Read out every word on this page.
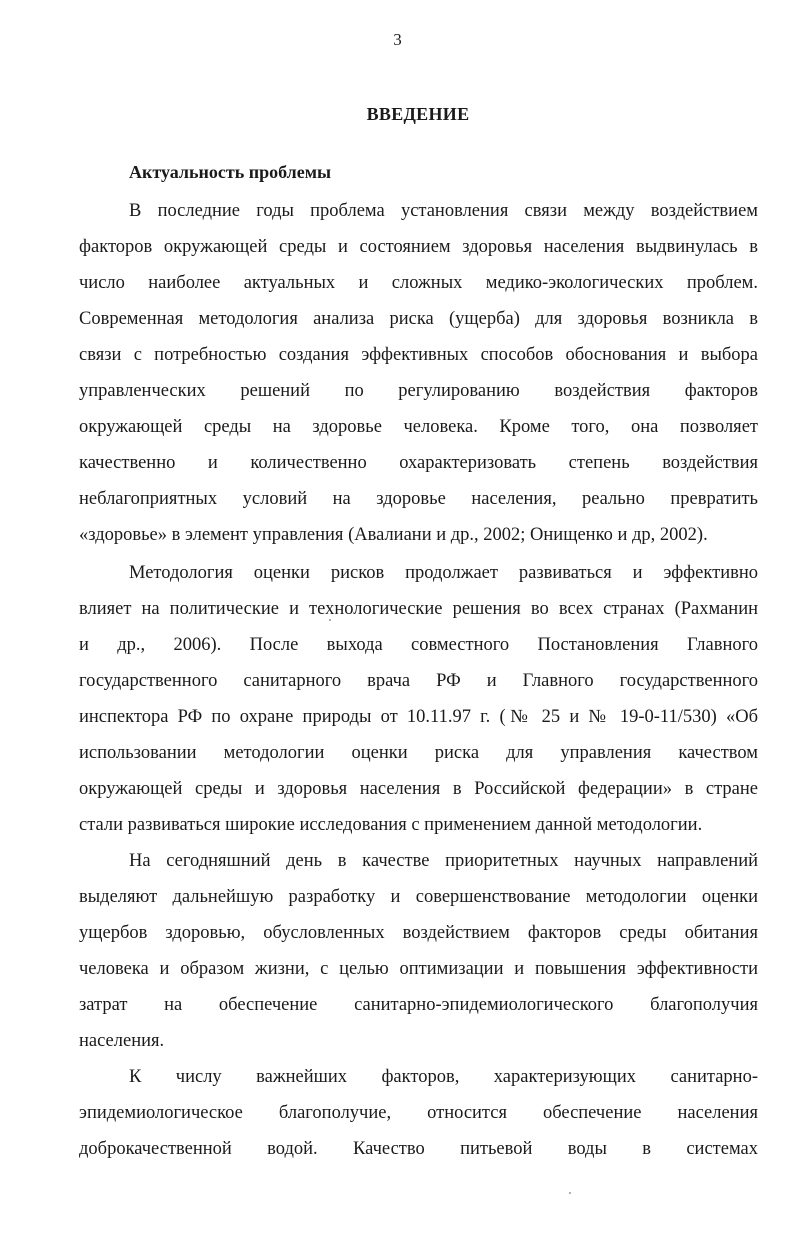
3
ВВЕДЕНИЕ
Актуальность проблемы
В последние годы проблема установления связи между воздействием
факторов окружающей среды и состоянием здоровья населения выдвинулась в
число наиболее актуальных и сложных медико-экологических проблем.
Современная методология анализа риска (ущерба) для здоровья возникла в
связи с потребностью создания эффективных способов обоснования и выбора
управленческих решений по регулированию воздействия факторов
окружающей среды на здоровье человека. Кроме того, она позволяет
качественно и количественно охарактеризовать степень воздействия
неблагоприятных условий на здоровье населения, реально превратить
«здоровье» в элемент управления (Авалиани и др., 2002; Онищенко и др, 2002).
Методология оценки рисков продолжает развиваться и эффективно
влияет на политические и технологические решения во всех странах (Рахманин
и др., 2006). После выхода совместного Постановления Главного
государственного санитарного врача РФ и Главного государственного
инспектора РФ по охране природы от 10.11.97 г. (№ 25 и № 19-0-11/530) «Об
использовании методологии оценки риска для управления качеством
окружающей среды и здоровья населения в Российской федерации» в стране
стали развиваться широкие исследования с применением данной методологии.
На сегодняшний день в качестве приоритетных научных направлений
выделяют дальнейшую разработку и совершенствование методологии оценки
ущербов здоровью, обусловленных воздействием факторов среды обитания
человека и образом жизни, с целью оптимизации и повышения эффективности
затрат на обеспечение санитарно-эпидемиологического благополучия
населения.
К числу важнейших факторов, характеризующих санитарно-
эпидемиологическое благополучие, относится обеспечение населения
доброкачественной водой. Качество питьевой воды в системах
